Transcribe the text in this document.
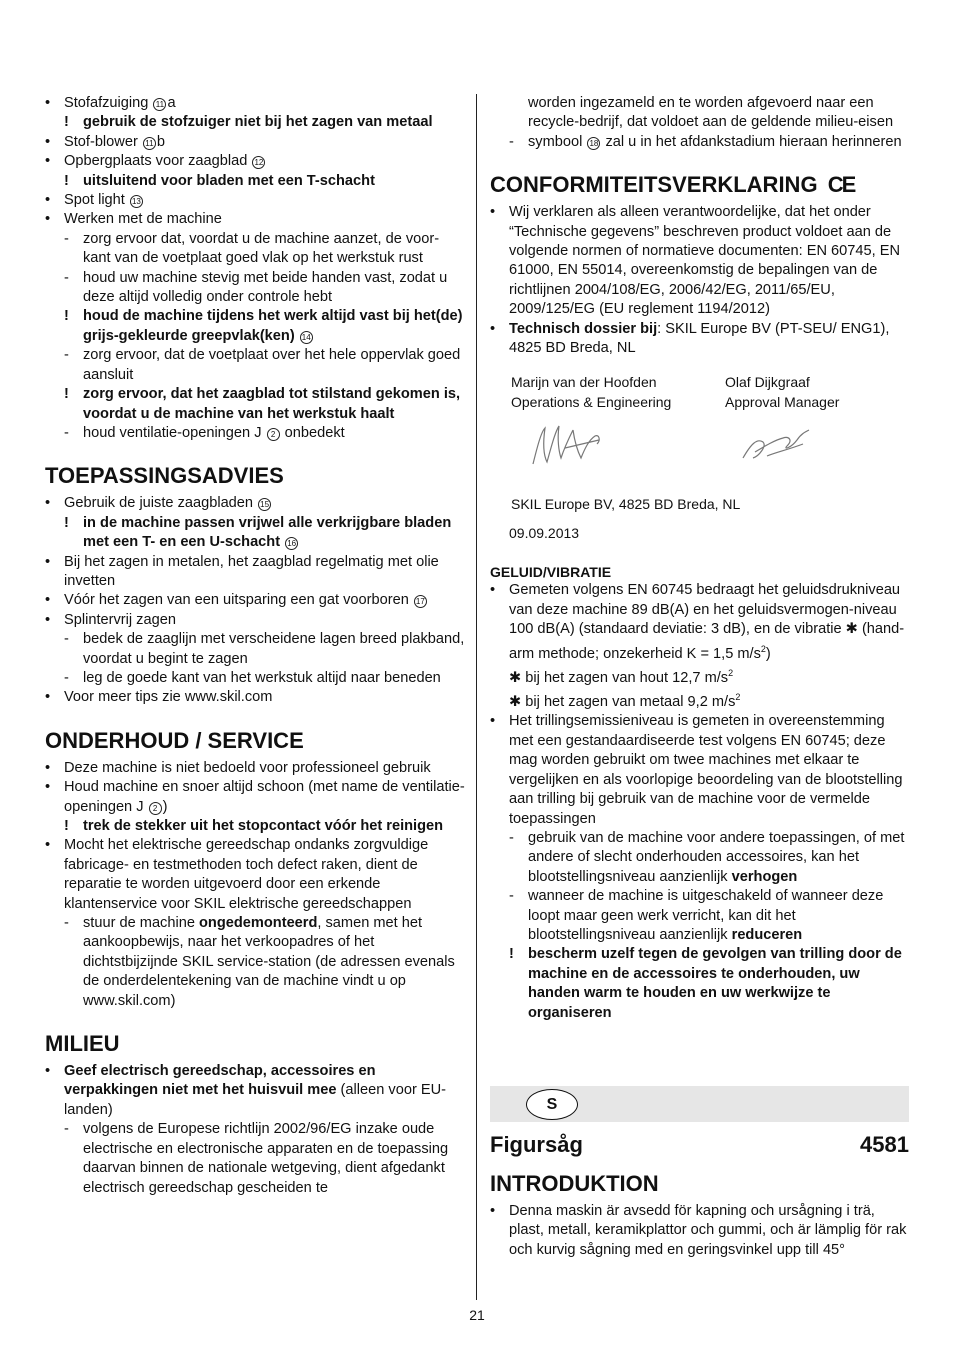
• Stofafzuiging 11 a

! gebruik de stofzuiger niet bij het zagen van metaal

• Stof-blower 11 b

• Opbergplaats voor zaagblad 12

! uitsluitend voor bladen met een T-schacht

• Spot light 13

• Werken met de machine

- zorg ervoor dat, voordat u de machine aanzet, de voor-kant van de voetplaat goed vlak op het werkstuk rust

- houd uw machine stevig met beide handen vast, zodat u deze altijd volledig onder controle hebt

! houd de machine tijdens het werk altijd vast bij het(de) grijs-gekleurde greepvlak(ken) 14

- zorg ervoor, dat de voetplaat over het hele oppervlak goed aansluit

! zorg ervoor, dat het zaagblad tot stilstand gekomen is, voordat u de machine van het werkstuk haalt

- houd ventilatie-openingen J 2 onbedekt

TOEPASSINGSADVIES

• Gebruik de juiste zaagbladen 15

! in de machine passen vrijwel alle verkrijgbare bladen met een T- en een U-schacht 16

• Bij het zagen in metalen, het zaagblad regelmatig met olie invetten

• Vóór het zagen van een uitsparing een gat voorboren 17

• Splintervrij zagen

- bedek de zaaglijn met verscheidene lagen breed plakband, voordat u begint te zagen

- leg de goede kant van het werkstuk altijd naar beneden

• Voor meer tips zie www.skil.com

ONDERHOUD / SERVICE

• Deze machine is niet bedoeld voor professioneel gebruik

• Houd machine en snoer altijd schoon (met name de ventilatie-openingen J 2 )

! trek de stekker uit het stopcontact vóór het reinigen

• Mocht het elektrische gereedschap ondanks zorgvuldige fabricage- en testmethoden toch defect raken, dient de reparatie te worden uitgevoerd door een erkende klantenservice voor SKIL elektrische gereedschappen

- stuur de machine ongedemonteerd, samen met het aankoopbewijs, naar het verkoopadres of het dichtstbijzijnde SKIL service-station (de adressen evenals de onderdelentekening van de machine vindt u op www.skil.com)

MILIEU

• Geef electrisch gereedschap, accessoires en verpakkingen niet met het huisvuil mee (alleen voor EU-landen)

- volgens de Europese richtlijn 2002/96/EG inzake oude electrische en electronische apparaten en de toepassing daarvan binnen de nationale wetgeving, dient afgedankt electrisch gereedschap gescheiden te

worden ingezameld en te worden afgevoerd naar een recycle-bedrijf, dat voldoet aan de geldende milieu-eisen

- symbool 18 zal u in het afdankstadium hieraan herinneren

CONFORMITEITSVERKLARING CE

• Wij verklaren als alleen verantwoordelijke, dat het onder “Technische gegevens” beschreven product voldoet aan de volgende normen of normatieve documenten: EN 60745, EN 61000, EN 55014, overeenkomstig de bepalingen van de richtlijnen 2004/108/EG, 2006/42/EG, 2011/65/EU, 2009/125/EG (EU reglement 1194/2012)

• Technisch dossier bij: SKIL Europe BV (PT-SEU/ ENG1), 4825 BD Breda, NL

Marijn van der Hoofden	Olaf Dijkgraaf
Operations & Engineering	Approval Manager
SKIL Europe BV, 4825 BD Breda, NL
09.09.2013
GELUID/VIBRATIE

• Gemeten volgens EN 60745 bedraagt het geluidsdrukniveau van deze machine 89 dB(A) en het geluidsvermogen-niveau 100 dB(A) (standaard deviatie: 3 dB), en de vibratie ✱ (hand-arm methode; onzekerheid K = 1,5 $m/s^2$)

✱ bij het zagen van hout 12,7 $m/s^2$

✱ bij het zagen van metaal 9,2 $m/s^2$

• Het trillingsemissieniveau is gemeten in overeenstemming met een gestandaardiseerde test volgens EN 60745; deze mag worden gebruikt om twee machines met elkaar te vergelijken en als voorlopige beoordeling van de blootstelling aan trilling bij gebruik van de machine voor de vermelde toepassingen

- gebruik van de machine voor andere toepassingen, of met andere of slecht onderhouden accessoires, kan het blootstellingsniveau aanzienlijk verhogen

- wanneer de machine is uitgeschakeld of wanneer deze loopt maar geen werk verricht, kan dit het blootstellingsniveau aanzienlijk reduceren

! bescherm uzelf tegen de gevolgen van trilling door de machine en de accessoires te onderhouden, uw handen warm te houden en uw werkwijze te organiseren

S
Figursåg	4581
INTRODUKTION

• Denna maskin är avsedd för kapning och ursågning i trä, plast, metall, keramikplattor och gummi, och är lämplig för rak och kurvig sågning med en geringsvinkel upp till 45°

21
